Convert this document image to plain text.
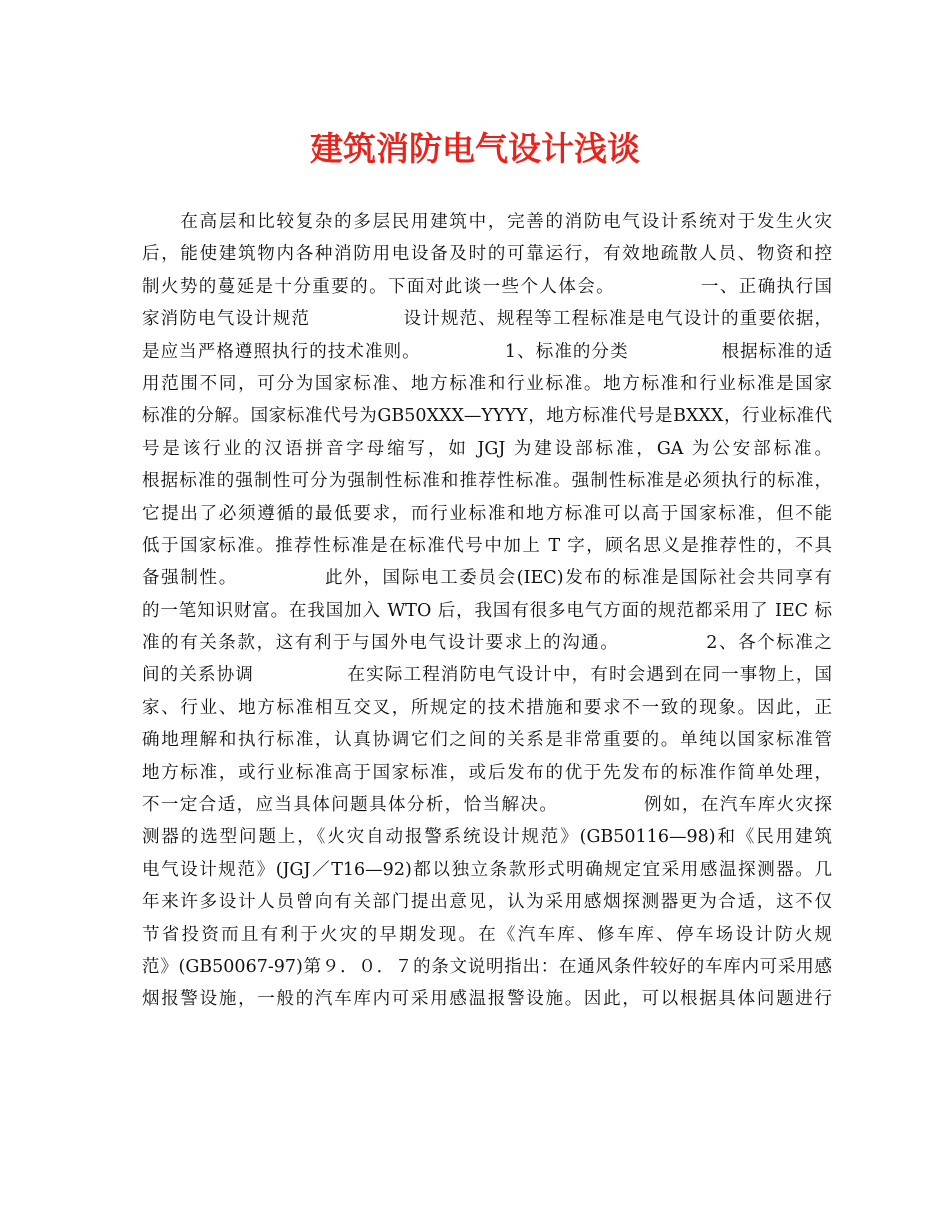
建筑消防电气设计浅谈
　　在高层和比较复杂的多层民用建筑中，完善的消防电气设计系统对于发生火灾
后，能使建筑物内各种消防用电设备及时的可靠运行，有效地疏散人员、物资和控
制火势的蔓延是十分重要的。下面对此谈一些个人体会。　　　　　一、正确执行国
家消防电气设计规范　　　　　设计规范、规程等工程标准是电气设计的重要依据，
是应当严格遵照执行的技术准则。　　　　　1、标准的分类　　　　　根据标准的适
用范围不同，可分为国家标准、地方标准和行业标准。地方标准和行业标准是国家
标准的分解。国家标准代号为GB50XXX—YYYY，地方标准代号是BXXX，行业标准代
号是该行业的汉语拼音字母缩写，如 JGJ 为建设部标准，GA 为公安部标准。
根据标准的强制性可分为强制性标准和推荐性标准。强制性标准是必须执行的标准，
它提出了必须遵循的最低要求，而行业标准和地方标准可以高于国家标准，但不能
低于国家标准。推荐性标准是在标准代号中加上 T 字，顾名思义是推荐性的，不具
备强制性。　　　　　此外，国际电工委员会(IEC)发布的标准是国际社会共同享有
的一笔知识财富。在我国加入 WTO 后，我国有很多电气方面的规范都采用了 IEC 标
准的有关条款，这有利于与国外电气设计要求上的沟通。　　　　　2、各个标准之
间的关系协调　　　　　在实际工程消防电气设计中，有时会遇到在同一事物上，国
家、行业、地方标准相互交叉，所规定的技术措施和要求不一致的现象。因此，正
确地理解和执行标准，认真协调它们之间的关系是非常重要的。单纯以国家标准管
地方标准，或行业标准高于国家标准，或后发布的优于先发布的标准作简单处理，
不一定合适，应当具体问题具体分析，恰当解决。　　　　　例如，在汽车库火灾探
测器的选型问题上，《火灾自动报警系统设计规范》(GB50116—98)和《民用建筑
电气设计规范》(JGJ／T16—92)都以独立条款形式明确规定宜采用感温探测器。几
年来许多设计人员曾向有关部门提出意见，认为采用感烟探测器更为合适，这不仅
节省投资而且有利于火灾的早期发现。在《汽车库、修车库、停车场设计防火规
范》(GB50067-97)第９．０．７的条文说明指出：在通风条件较好的车库内可采用感
烟报警设施，一般的汽车库内可采用感温报警设施。因此，可以根据具体问题进行
